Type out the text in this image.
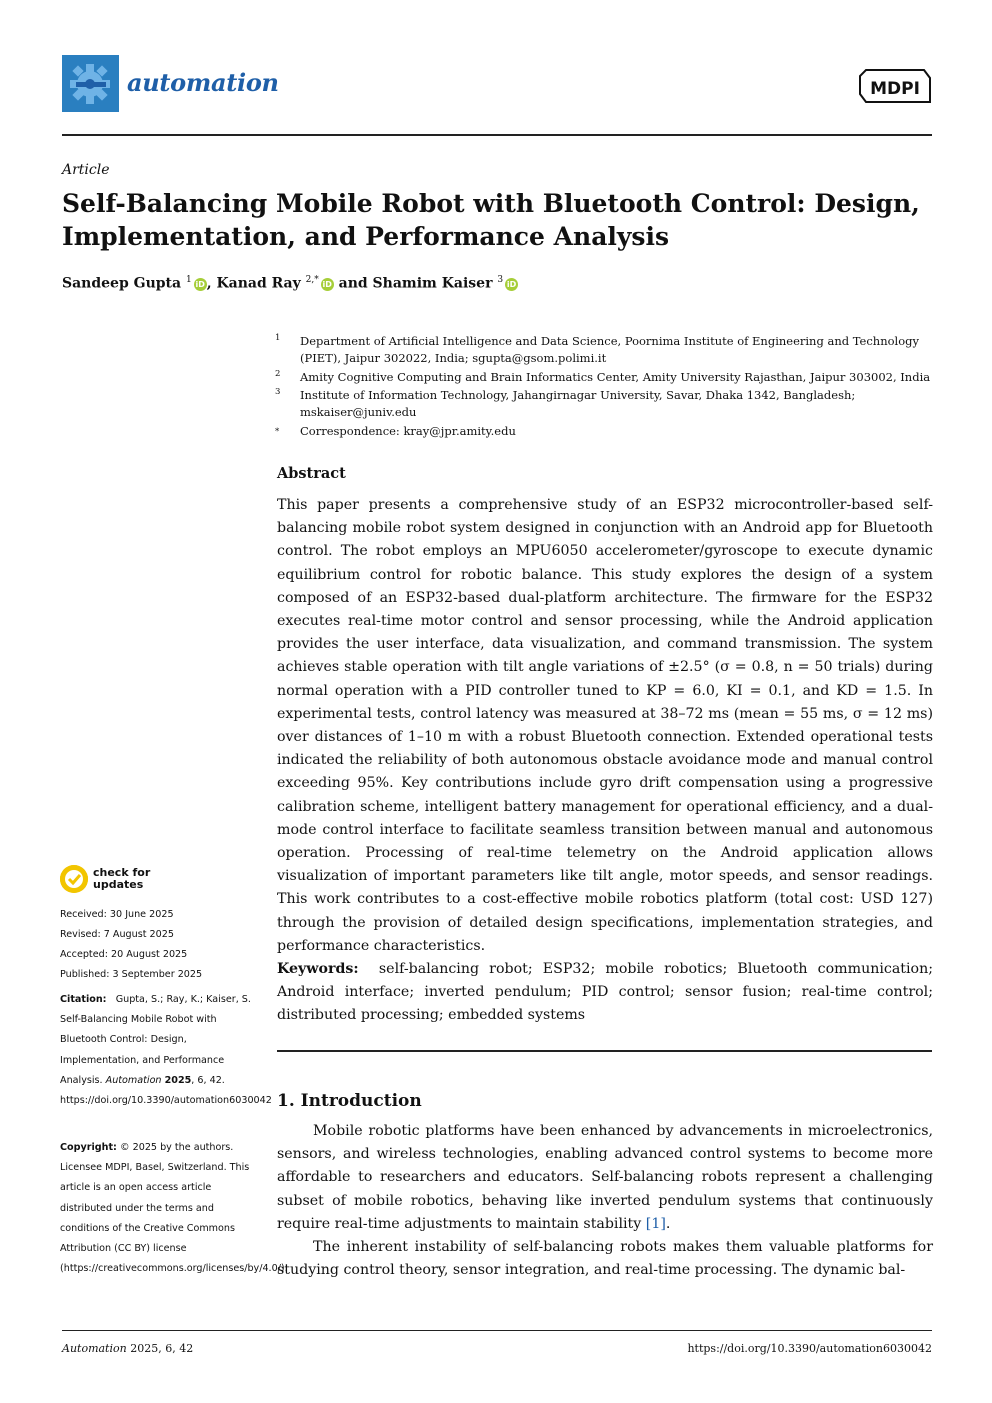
automation	MDPI
Article
Self-Balancing Mobile Robot with Bluetooth Control: Design, Implementation, and Performance Analysis
Sandeep Gupta $^1$ iD , Kanad Ray $^{2,*}$ iD and Shamim Kaiser $^3$ iD
1 Department of Artificial Intelligence and Data Science, Poornima Institute of Engineering and Technology (PIET), Jaipur 302022, India; sgupta@gsom.polimi.it
2 Amity Cognitive Computing and Brain Informatics Center, Amity University Rajasthan, Jaipur 303002, India
3 Institute of Information Technology, Jahangirnagar University, Savar, Dhaka 1342, Bangladesh; mskaiser@juniv.edu
* Correspondence: kray@jpr.amity.edu
Abstract
This paper presents a comprehensive study of an ESP32 microcontroller-based self-balancing mobile robot system designed in conjunction with an Android app for Bluetooth control. The robot employs an MPU6050 accelerometer/gyroscope to execute dynamic equilibrium control for robotic balance. This study explores the design of a system composed of an ESP32-based dual-platform architecture. The firmware for the ESP32 executes real-time motor control and sensor processing, while the Android application provides the user interface, data visualization, and command transmission. The system achieves stable operation with tilt angle variations of ±2.5° (σ = 0.8, n = 50 trials) during normal operation with a PID controller tuned to KP = 6.0, KI = 0.1, and KD = 1.5. In experimental tests, control latency was measured at 38–72 ms (mean = 55 ms, σ = 12 ms) over distances of 1–10 m with a robust Bluetooth connection. Extended operational tests indicated the reliability of both autonomous obstacle avoidance mode and manual control exceeding 95%. Key contributions include gyro drift compensation using a progressive calibration scheme, intelligent battery management for operational efficiency, and a dual-mode control interface to facilitate seamless transition between manual and autonomous operation. Processing of real-time telemetry on the Android application allows visualization of important parameters like tilt angle, motor speeds, and sensor readings. This work contributes to a cost-effective mobile robotics platform (total cost: USD 127) through the provision of detailed design specifications, implementation strategies, and performance characteristics.
Keywords: self-balancing robot; ESP32; mobile robotics; Bluetooth communication; Android interface; inverted pendulum; PID control; sensor fusion; real-time control; distributed processing; embedded systems
1. Introduction

Mobile robotic platforms have been enhanced by advancements in microelectronics, sensors, and wireless technologies, enabling advanced control systems to become more affordable to researchers and educators. Self-balancing robots represent a challenging subset of mobile robotics, behaving like inverted pendulum systems that continuously require real-time adjustments to maintain stability [1].

The inherent instability of self-balancing robots makes them valuable platforms for studying control theory, sensor integration, and real-time processing. The dynamic bal-

check for
updates
Received: 30 June 2025
Revised: 7 August 2025
Accepted: 20 August 2025
Published: 3 September 2025
Citation: Gupta, S.; Ray, K.; Kaiser, S. Self-Balancing Mobile Robot with Bluetooth Control: Design, Implementation, and Performance Analysis. Automation 2025, 6, 42. https://doi.org/10.3390/automation6030042
Copyright: © 2025 by the authors. Licensee MDPI, Basel, Switzerland. This article is an open access article distributed under the terms and conditions of the Creative Commons Attribution (CC BY) license (https://creativecommons.org/licenses/by/4.0/).
Automation 2025, 6, 42	https://doi.org/10.3390/automation6030042
